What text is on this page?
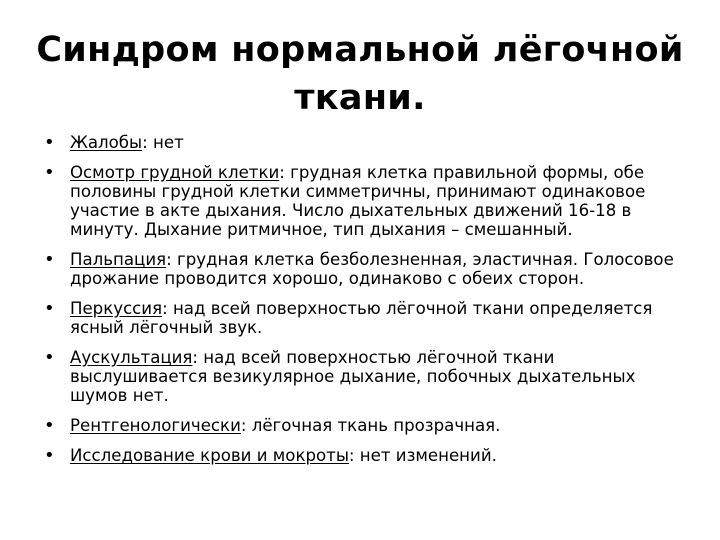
Синдром нормальной лёгочной ткани.
• Жалобы: нет
• Осмотр грудной клетки: грудная клетка правильной формы, обе половины грудной клетки симметричны, принимают одинаковое участие в акте дыхания. Число дыхательных движений 16-18 в минуту. Дыхание ритмичное, тип дыхания – смешанный.
• Пальпация: грудная клетка безболезненная, эластичная. Голосовое дрожание проводится хорошо, одинаково с обеих сторон.
• Перкуссия: над всей поверхностью лёгочной ткани определяется ясный лёгочный звук.
• Аускультация: над всей поверхностью лёгочной ткани выслушивается везикулярное дыхание, побочных дыхательных шумов нет.
• Рентгенологически: лёгочная ткань прозрачная.
• Исследование крови и мокроты: нет изменений.
